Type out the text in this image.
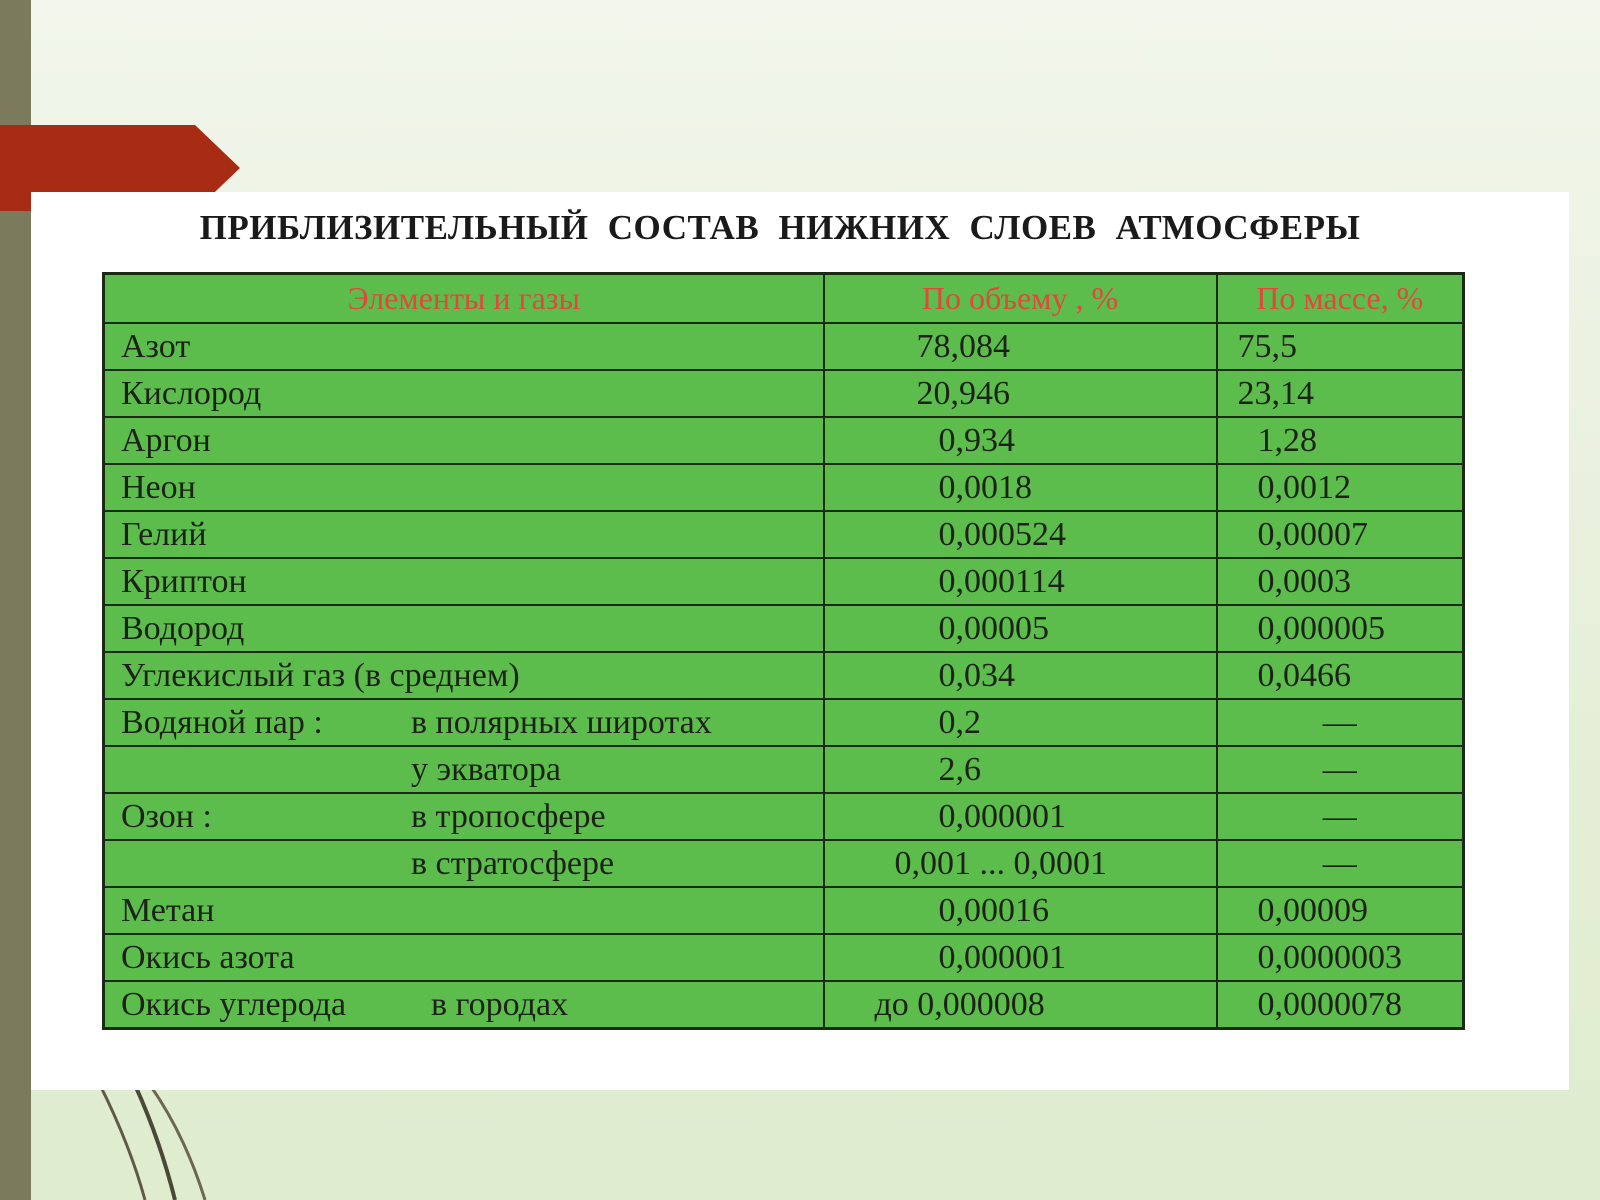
ПРИБЛИЗИТЕЛЬНЫЙ СОСТАВ НИЖНИХ СЛОЕВ АТМОСФЕРЫ
Элементы и газы	По объему , %	По массе, %
Азот	78,084	75,5
Кислород	20,946	23,14
Аргон	0,934	1,28
Неон	0,0018	0,0012
Гелий	0,000524	0,00007
Криптон	0,000114	0,0003
Водород	0,00005	0,000005
Углекислый газ (в среднем)	0,034	0,0466
Водяной пар : в полярных широтах	0,2	—
у экватора	2,6	—
Озон : в тропосфере	0,000001	—
в стратосфере	0,001 ... 0,0001	—
Метан	0,00016	0,00009
Окись азота	0,000001	0,0000003
Окись углерода в городах	до 0,000008	0,0000078
